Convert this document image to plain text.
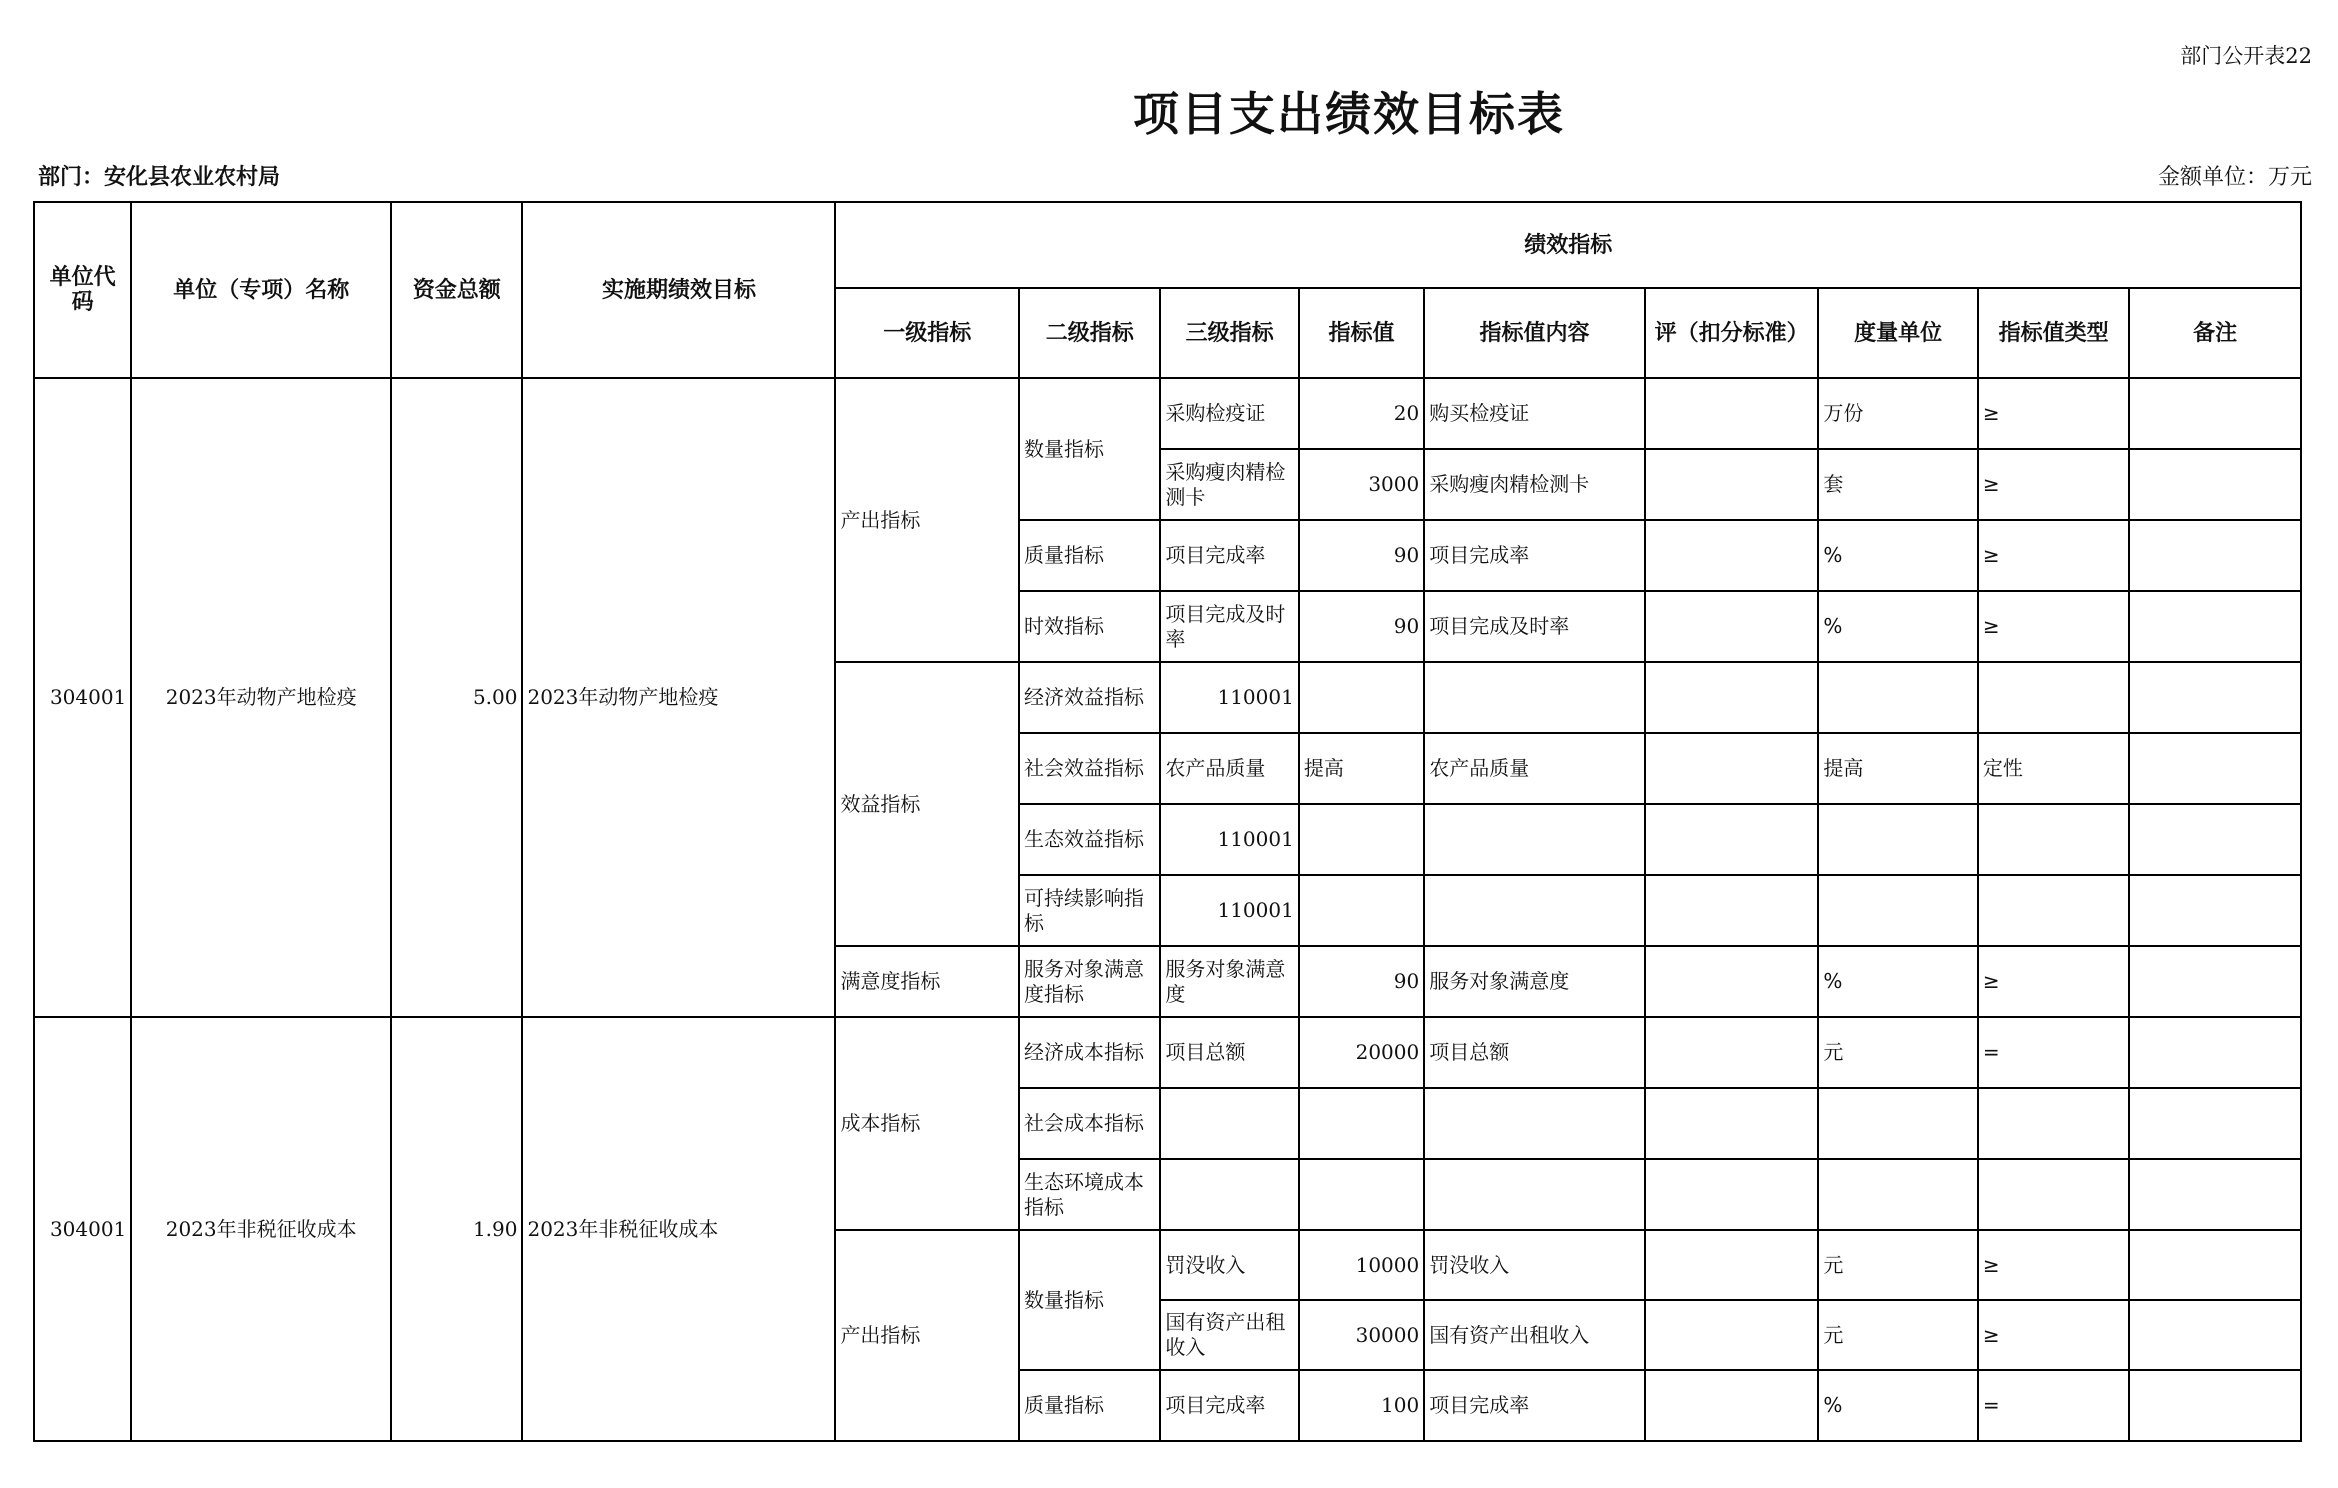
部门公开表22
项目支出绩效目标表
部门：安化县农业农村局	金额单位：万元
单位代码	单位（专项）名称	资金总额	实施期绩效目标	绩效指标								
				一级指标	二级指标	三级指标	指标值	指标值内容	评（扣分标准）	度量单位	指标值类型	备注
304001	2023年动物产地检疫	5.00	2023年动物产地检疫	产出指标	数量指标	采购检疫证	20	购买检疫证		万份	≥	
						采购瘦肉精检测卡	3000	采购瘦肉精检测卡		套	≥	
					质量指标	项目完成率	90	项目完成率		%	≥	
					时效指标	项目完成及时率	90	项目完成及时率		%	≥	
				效益指标	经济效益指标	110001						
					社会效益指标	农产品质量	提高	农产品质量		提高	定性	
					生态效益指标	110001						
					可持续影响指标	110001						
				满意度指标	服务对象满意度指标	服务对象满意度	90	服务对象满意度		%	≥	
304001	2023年非税征收成本	1.90	2023年非税征收成本	成本指标	经济成本指标	项目总额	20000	项目总额		元	=	
					社会成本指标							
					生态环境成本指标							
				产出指标	数量指标	罚没收入	10000	罚没收入		元	≥	
						国有资产出租收入	30000	国有资产出租收入		元	≥	
					质量指标	项目完成率	100	项目完成率		%	=	
